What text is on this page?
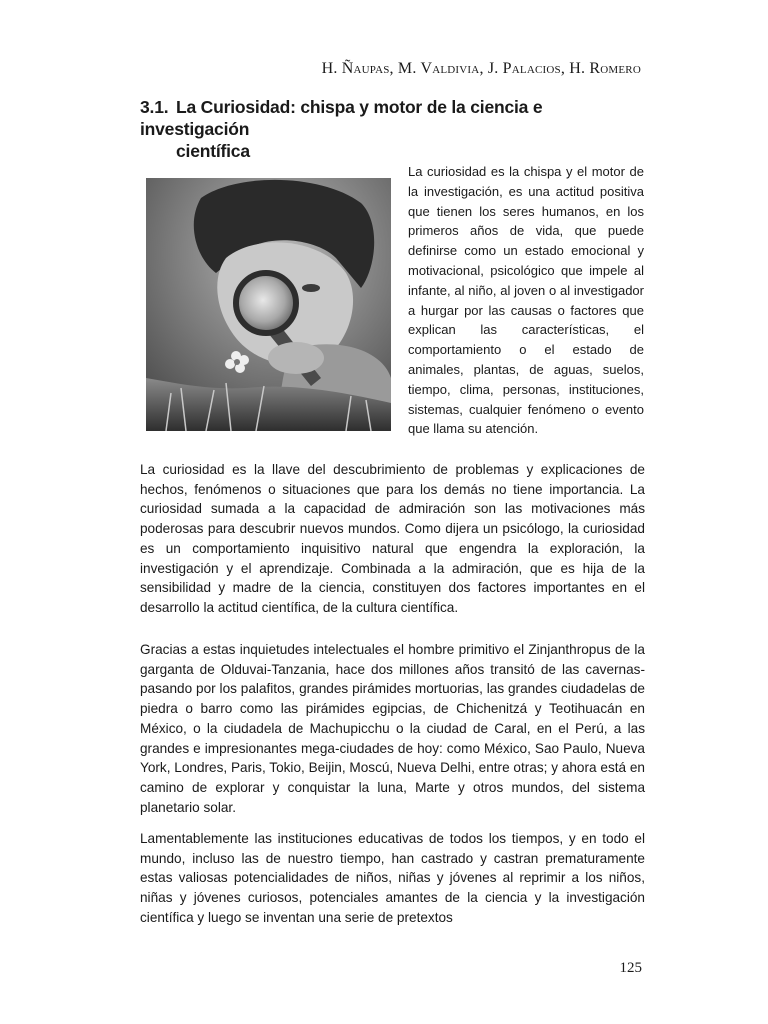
H. Ñaupas, M. Valdivia, J. Palacios, H. Romero
3.1. La Curiosidad: chispa y motor de la ciencia e investigación
científica
La curiosidad es la chispa y el motor de la investigación, es una actitud positiva que tienen los seres humanos, en los primeros años de vida, que puede definirse como un estado emocional y motivacional, psicológico que impele al infante, al niño, al joven o al investigador a hurgar por las causas o factores que explican las características, el comportamiento o el estado de animales, plantas, de aguas, suelos, tiempo, clima, personas, instituciones, sistemas, cualquier fenómeno o evento que llama su atención.
La curiosidad es la llave del descubrimiento de problemas y explicaciones de hechos, fenómenos o situaciones que para los demás no tiene importancia. La curiosidad sumada a la capacidad de admiración son las motivaciones más poderosas para descubrir nuevos mundos. Como dijera un psicólogo, la curiosidad es un comportamiento inquisitivo natural que engendra la exploración, la investigación y el aprendizaje. Combinada a la admiración, que es hija de la sensibilidad y madre de la ciencia, constituyen dos factores importantes en el desarrollo la actitud científica, de la cultura científica.
Gracias a estas inquietudes intelectuales el hombre primitivo el Zinjanthropus de la garganta de Olduvai-Tanzania, hace dos millones años transitó de las cavernas-pasando por los palafitos, grandes pirámides mortuorias, las grandes ciudadelas de piedra o barro como las pirámides egipcias, de Chichenitzá y Teotihuacán en México, o la ciudadela de Machupicchu o la ciudad de Caral, en el Perú, a las grandes e impresionantes mega-ciudades de hoy: como México, Sao Paulo, Nueva York, Londres, Paris, Tokio, Beijin, Moscú, Nueva Delhi, entre otras; y ahora está en camino de explorar y conquistar la luna, Marte y otros mundos, del sistema planetario solar.
Lamentablemente las instituciones educativas de todos los tiempos, y en todo el mundo, incluso las de nuestro tiempo, han castrado y castran prematuramente estas valiosas potencialidades de niños, niñas y jóvenes al reprimir a los niños, niñas y jóvenes curiosos, potenciales amantes de la ciencia y la investigación científica y luego se inventan una serie de pretextos
125
